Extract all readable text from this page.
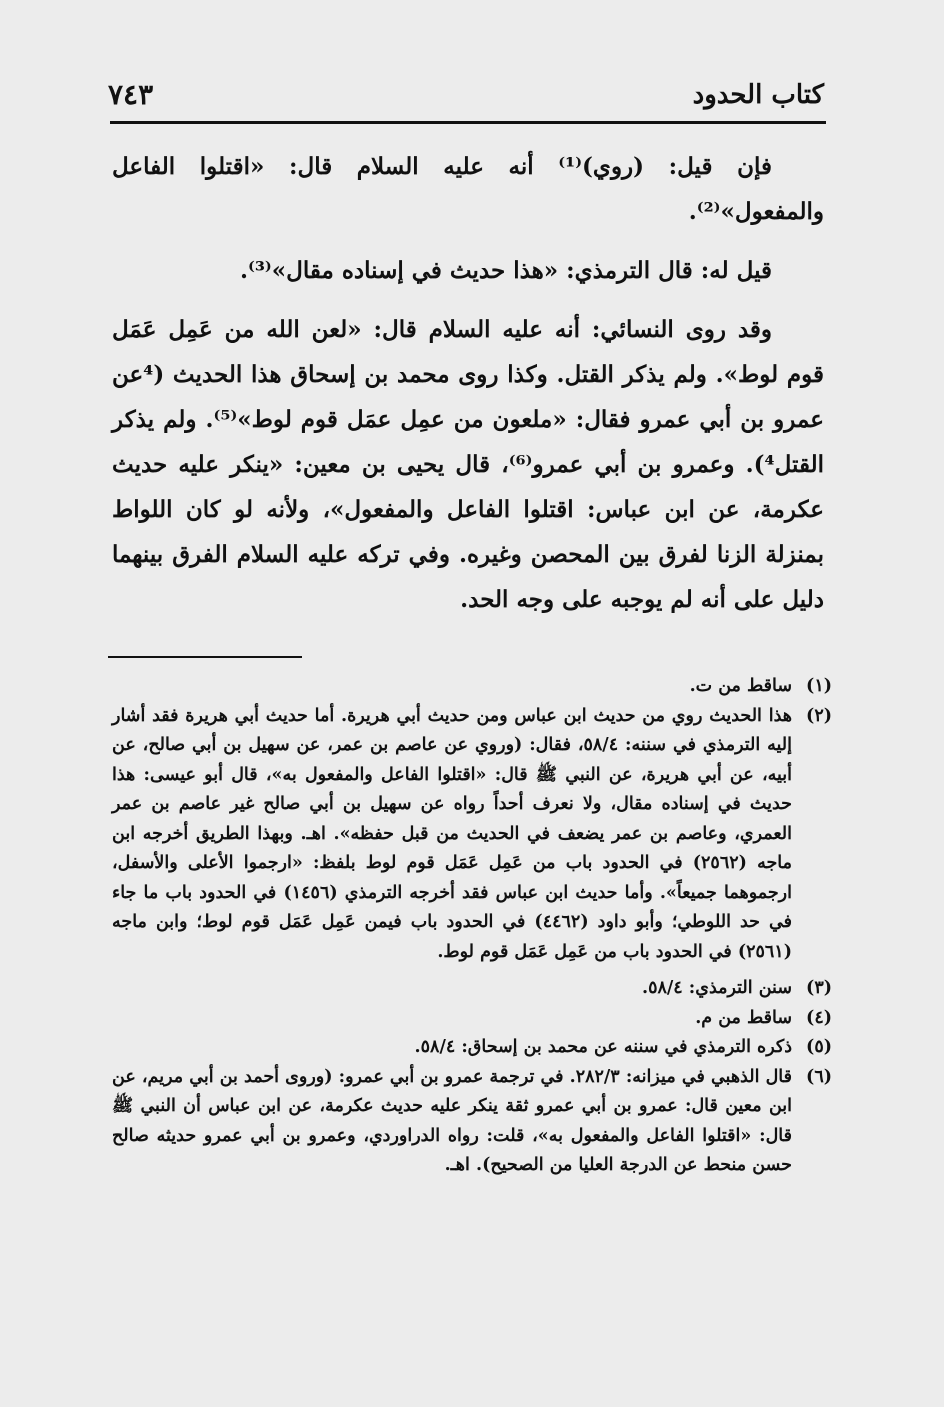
كتاب الحدود
٧٤٣

فإن قيل: (روي)⁽¹⁾ أنه عليه السلام قال: «اقتلوا الفاعل والمفعول»⁽²⁾.

قيل له: قال الترمذي: «هذا حديث في إسناده مقال»⁽³⁾.

وقد روى النسائي: أنه عليه السلام قال: «لعن الله من عَمِل عَمَل قوم لوط». ولم يذكر القتل. وكذا روى محمد بن إسحاق هذا الحديث (⁴عن عمرو بن أبي عمرو فقال: «ملعون من عمِل عمَل قوم لوط»⁽⁵⁾. ولم يذكر القتل⁴). وعمرو بن أبي عمرو⁽⁶⁾، قال يحيى بن معين: «ينكر عليه حديث عكرمة، عن ابن عباس: اقتلوا الفاعل والمفعول»، ولأنه لو كان اللواط بمنزلة الزنا لفرق بين المحصن وغيره. وفي تركه عليه السلام الفرق بينهما دليل على أنه لم يوجبه على وجه الحد.

(١)

ساقط من ت.

(٢)

هذا الحديث روي من حديث ابن عباس ومن حديث أبي هريرة. أما حديث أبي هريرة فقد أشار إليه الترمذي في سننه: ٥٨/٤، فقال: (وروي عن عاصم بن عمر، عن سهيل بن أبي صالح، عن أبيه، عن أبي هريرة، عن النبي ﷺ قال: «اقتلوا الفاعل والمفعول به»، قال أبو عيسى: هذا حديث في إسناده مقال، ولا نعرف أحداً رواه عن سهيل بن أبي صالح غير عاصم بن عمر العمري، وعاصم بن عمر يضعف في الحديث من قبل حفظه». اهـ. وبهذا الطريق أخرجه ابن ماجه (٢٥٦٢) في الحدود باب من عَمِل عَمَل قوم لوط بلفظ: «ارجموا الأعلى والأسفل، ارجموهما جميعاً». وأما حديث ابن عباس فقد أخرجه الترمذي (١٤٥٦) في الحدود باب ما جاء في حد اللوطي؛ وأبو داود (٤٤٦٢) في الحدود باب فيمن عَمِل عَمَل قوم لوط؛ وابن ماجه (٢٥٦١) في الحدود باب من عَمِل عَمَل قوم لوط.

(٣)

سنن الترمذي: ٥٨/٤.

(٤)

ساقط من م.

(٥)

ذكره الترمذي في سننه عن محمد بن إسحاق: ٥٨/٤.

(٦)

قال الذهبي في ميزانه: ٢٨٢/٣. في ترجمة عمرو بن أبي عمرو: (وروى أحمد بن أبي مريم، عن ابن معين قال: عمرو بن أبي عمرو ثقة ينكر عليه حديث عكرمة، عن ابن عباس أن النبي ﷺ قال: «اقتلوا الفاعل والمفعول به»، قلت: رواه الدراوردي، وعمرو بن أبي عمرو حديثه صالح حسن منحط عن الدرجة العليا من الصحيح). اهـ.
